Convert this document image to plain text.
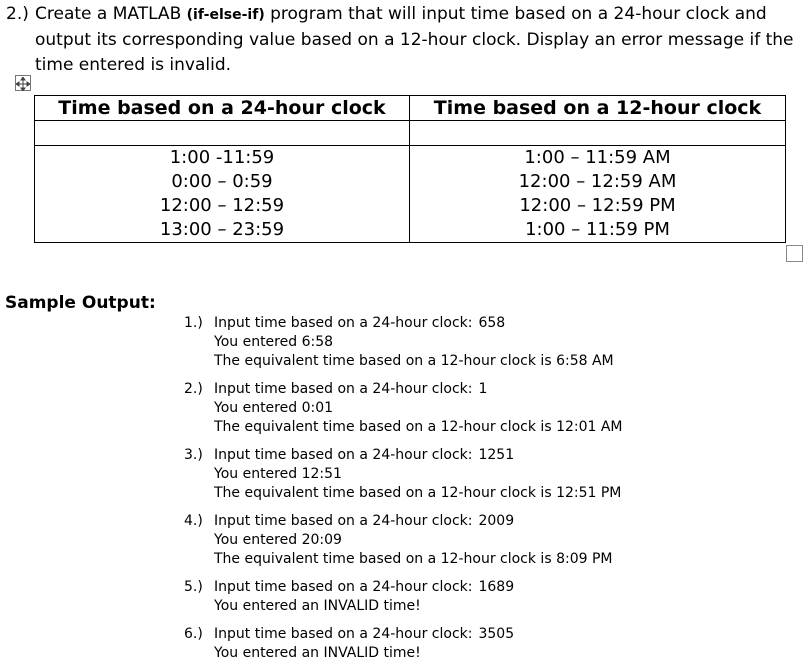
2.) Create a MATLAB (if-else-if) program that will input time based on a 24-hour clock and
output its corresponding value based on a 12-hour clock. Display an error message if the
time entered is invalid.
Time based on a 24-hour clock	Time based on a 12-hour clock

1:00 -11:59	1:00 – 11:59 AM
0:00 – 0:59	12:00 – 12:59 AM
12:00 – 12:59	12:00 – 12:59 PM
13:00 – 23:59	1:00 – 11:59 PM
Sample Output:
1.) Input time based on a 24-hour clock: 658
You entered 6:58
The equivalent time based on a 12-hour clock is 6:58 AM
2.) Input time based on a 24-hour clock: 1
You entered 0:01
The equivalent time based on a 12-hour clock is 12:01 AM
3.) Input time based on a 24-hour clock: 1251
You entered 12:51
The equivalent time based on a 12-hour clock is 12:51 PM
4.) Input time based on a 24-hour clock: 2009
You entered 20:09
The equivalent time based on a 12-hour clock is 8:09 PM
5.) Input time based on a 24-hour clock: 1689
You entered an INVALID time!
6.) Input time based on a 24-hour clock: 3505
You entered an INVALID time!
